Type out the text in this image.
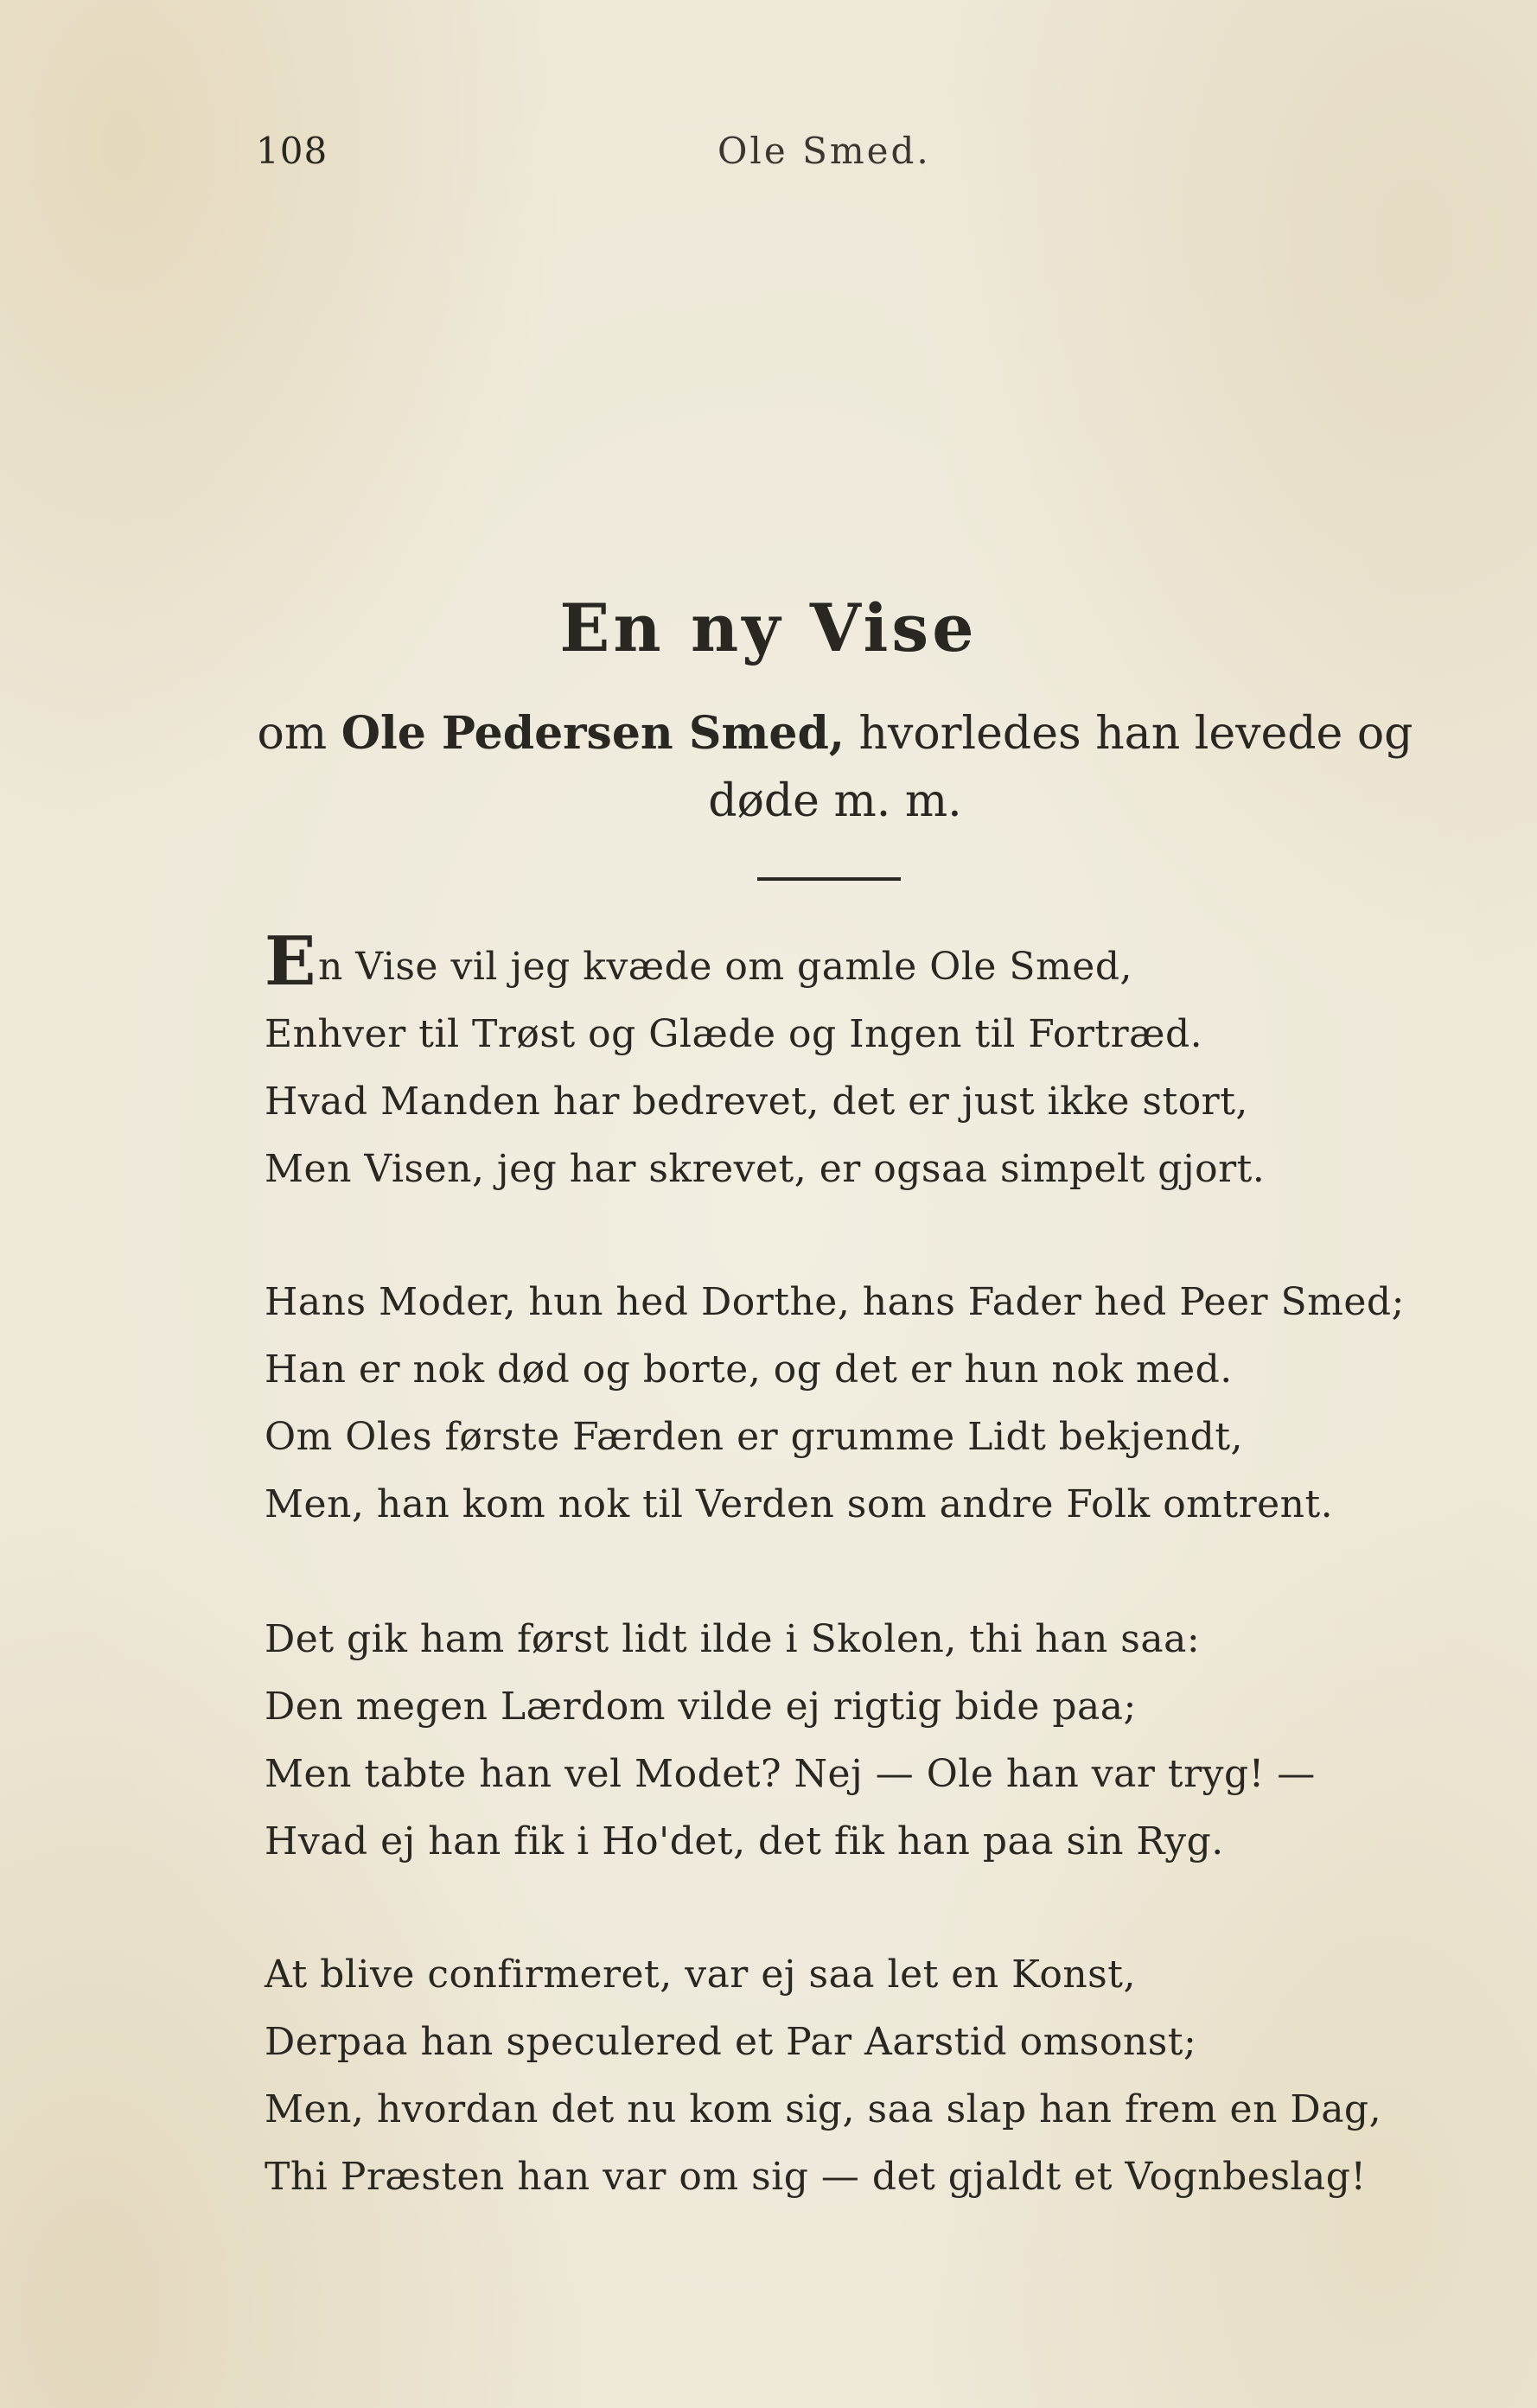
108	Ole Smed.
En ny Vise
om Ole Pedersen Smed, hvorledes han levede og døde m. m.
En Vise vil jeg kvæde om gamle Ole Smed,
Enhver til Trøst og Glæde og Ingen til Fortræd.
Hvad Manden har bedrevet, det er just ikke stort,
Men Visen, jeg har skrevet, er ogsaa simpelt gjort.
Hans Moder, hun hed Dorthe, hans Fader hed Peer Smed;
Han er nok død og borte, og det er hun nok med.
Om Oles første Færden er grumme Lidt bekjendt,
Men, han kom nok til Verden som andre Folk omtrent.
Det gik ham først lidt ilde i Skolen, thi han saa:
Den megen Lærdom vilde ej rigtig bide paa;
Men tabte han vel Modet? Nej — Ole han var tryg! —
Hvad ej han fik i Ho'det, det fik han paa sin Ryg.
At blive confirmeret, var ej saa let en Konst,
Derpaa han speculered et Par Aarstid omsonst;
Men, hvordan det nu kom sig, saa slap han frem en Dag,
Thi Præsten han var om sig — det gjaldt et Vognbeslag!
